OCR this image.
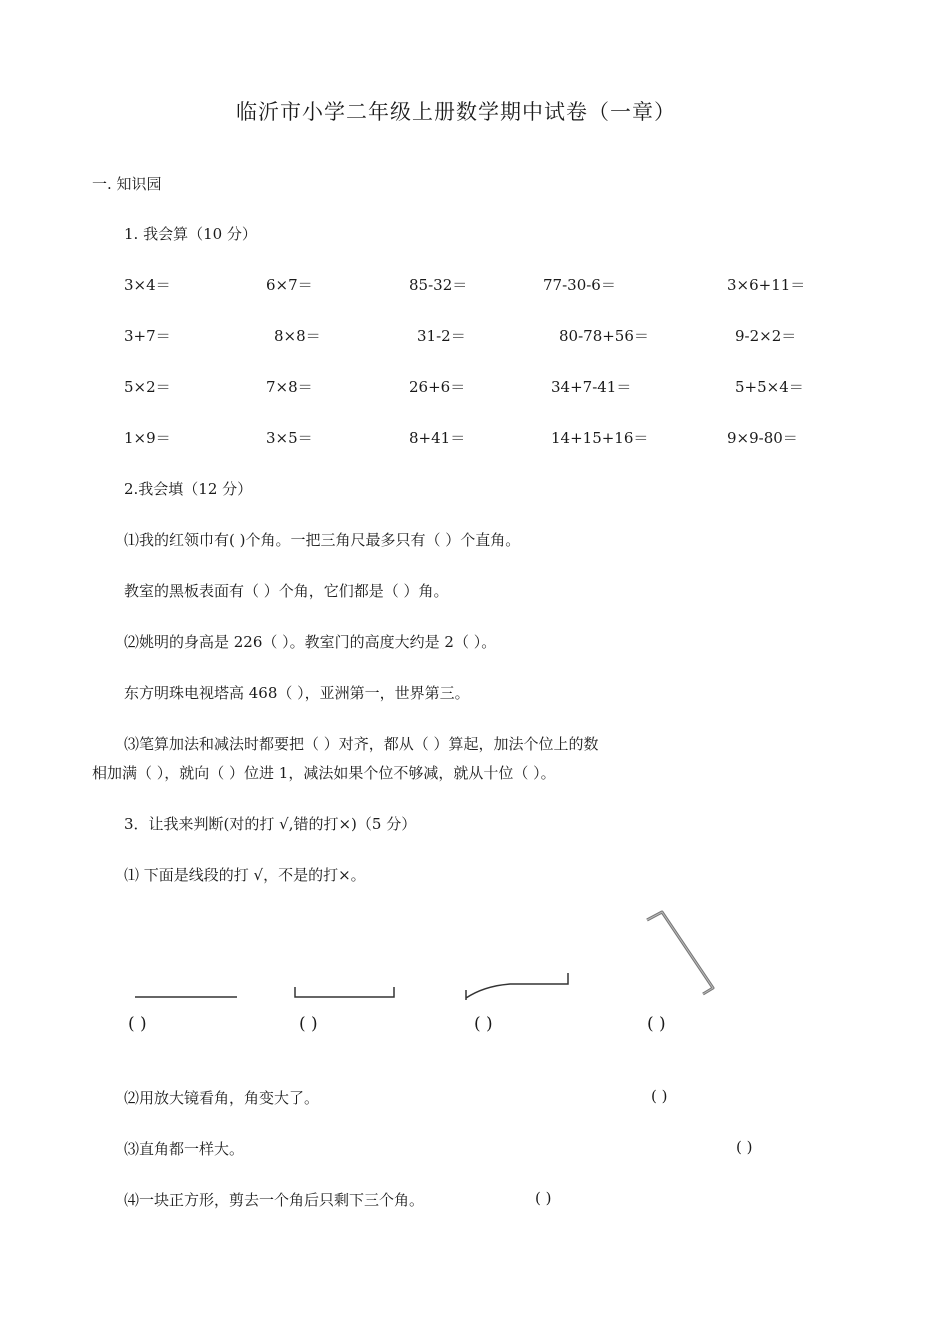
临沂市小学二年级上册数学期中试卷（一章）
一. 知识园
1. 我会算（10 分）
3×4＝	6×7＝	85-32＝	77-30-6＝	3×6+11＝
3+7＝	8×8＝	31-2＝	80-78+56＝	9-2×2＝
5×2＝	7×8＝	26+6＝	34+7-41＝	5+5×4＝
1×9＝	3×5＝	8+41＝	14+15+16＝	9×9-80＝
2.我会填（12 分）
⑴我的红领巾有( )个角。一把三角尺最多只有（ ）个直角。
教室的黑板表面有（ ）个角，它们都是（ ）角。
⑵姚明的身高是 226（ ）。教室门的高度大约是 2（ ）。
东方明珠电视塔高 468（ ），亚洲第一，世界第三。
⑶笔算加法和减法时都要把（ ）对齐，都从（ ）算起，加法个位上的数
相加满（ ），就向（ ）位进 1，减法如果个位不够减，就从十位（ ）。
3．让我来判断(对的打 √,错的打×)（5 分）
⑴ 下面是线段的打 √，不是的打×。
( )	( )	( )	( )
⑵用放大镜看角，角变大了。	( )
⑶直角都一样大。	( )
⑷一块正方形，剪去一个角后只剩下三个角。	( )
